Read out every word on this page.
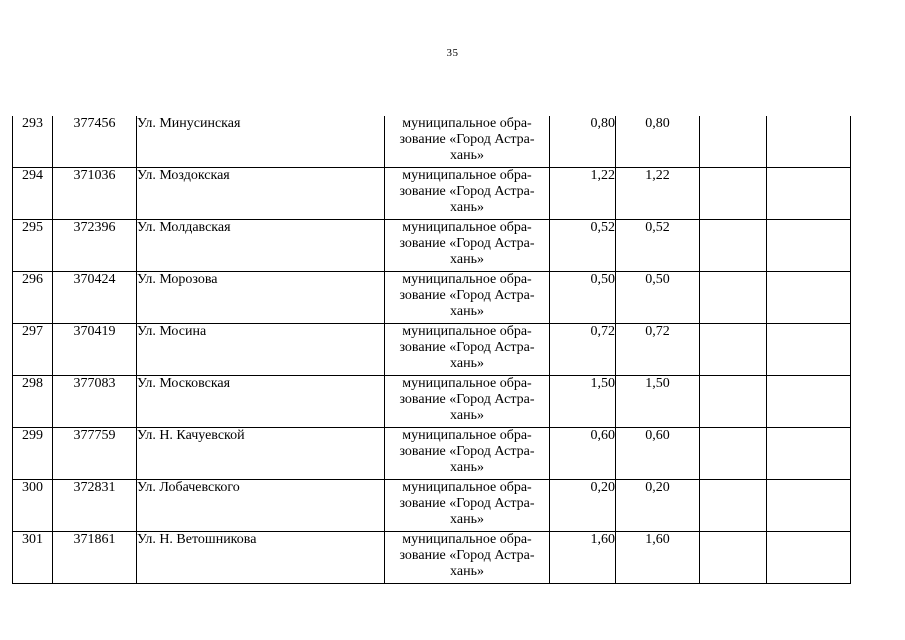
35
293	377456	Ул. Минусинская	муниципальное обра-
зование «Город Астра-
хань»	0,80	0,80		
294	371036	Ул. Моздокская	муниципальное обра-
зование «Город Астра-
хань»	1,22	1,22		
295	372396	Ул. Молдавская	муниципальное обра-
зование «Город Астра-
хань»	0,52	0,52		
296	370424	Ул. Морозова	муниципальное обра-
зование «Город Астра-
хань»	0,50	0,50		
297	370419	Ул. Мосина	муниципальное обра-
зование «Город Астра-
хань»	0,72	0,72		
298	377083	Ул. Московская	муниципальное обра-
зование «Город Астра-
хань»	1,50	1,50		
299	377759	Ул. Н. Качуевской	муниципальное обра-
зование «Город Астра-
хань»	0,60	0,60		
300	372831	Ул. Лобачевского	муниципальное обра-
зование «Город Астра-
хань»	0,20	0,20		
301	371861	Ул. Н. Ветошникова	муниципальное обра-
зование «Город Астра-
хань»	1,60	1,60		
